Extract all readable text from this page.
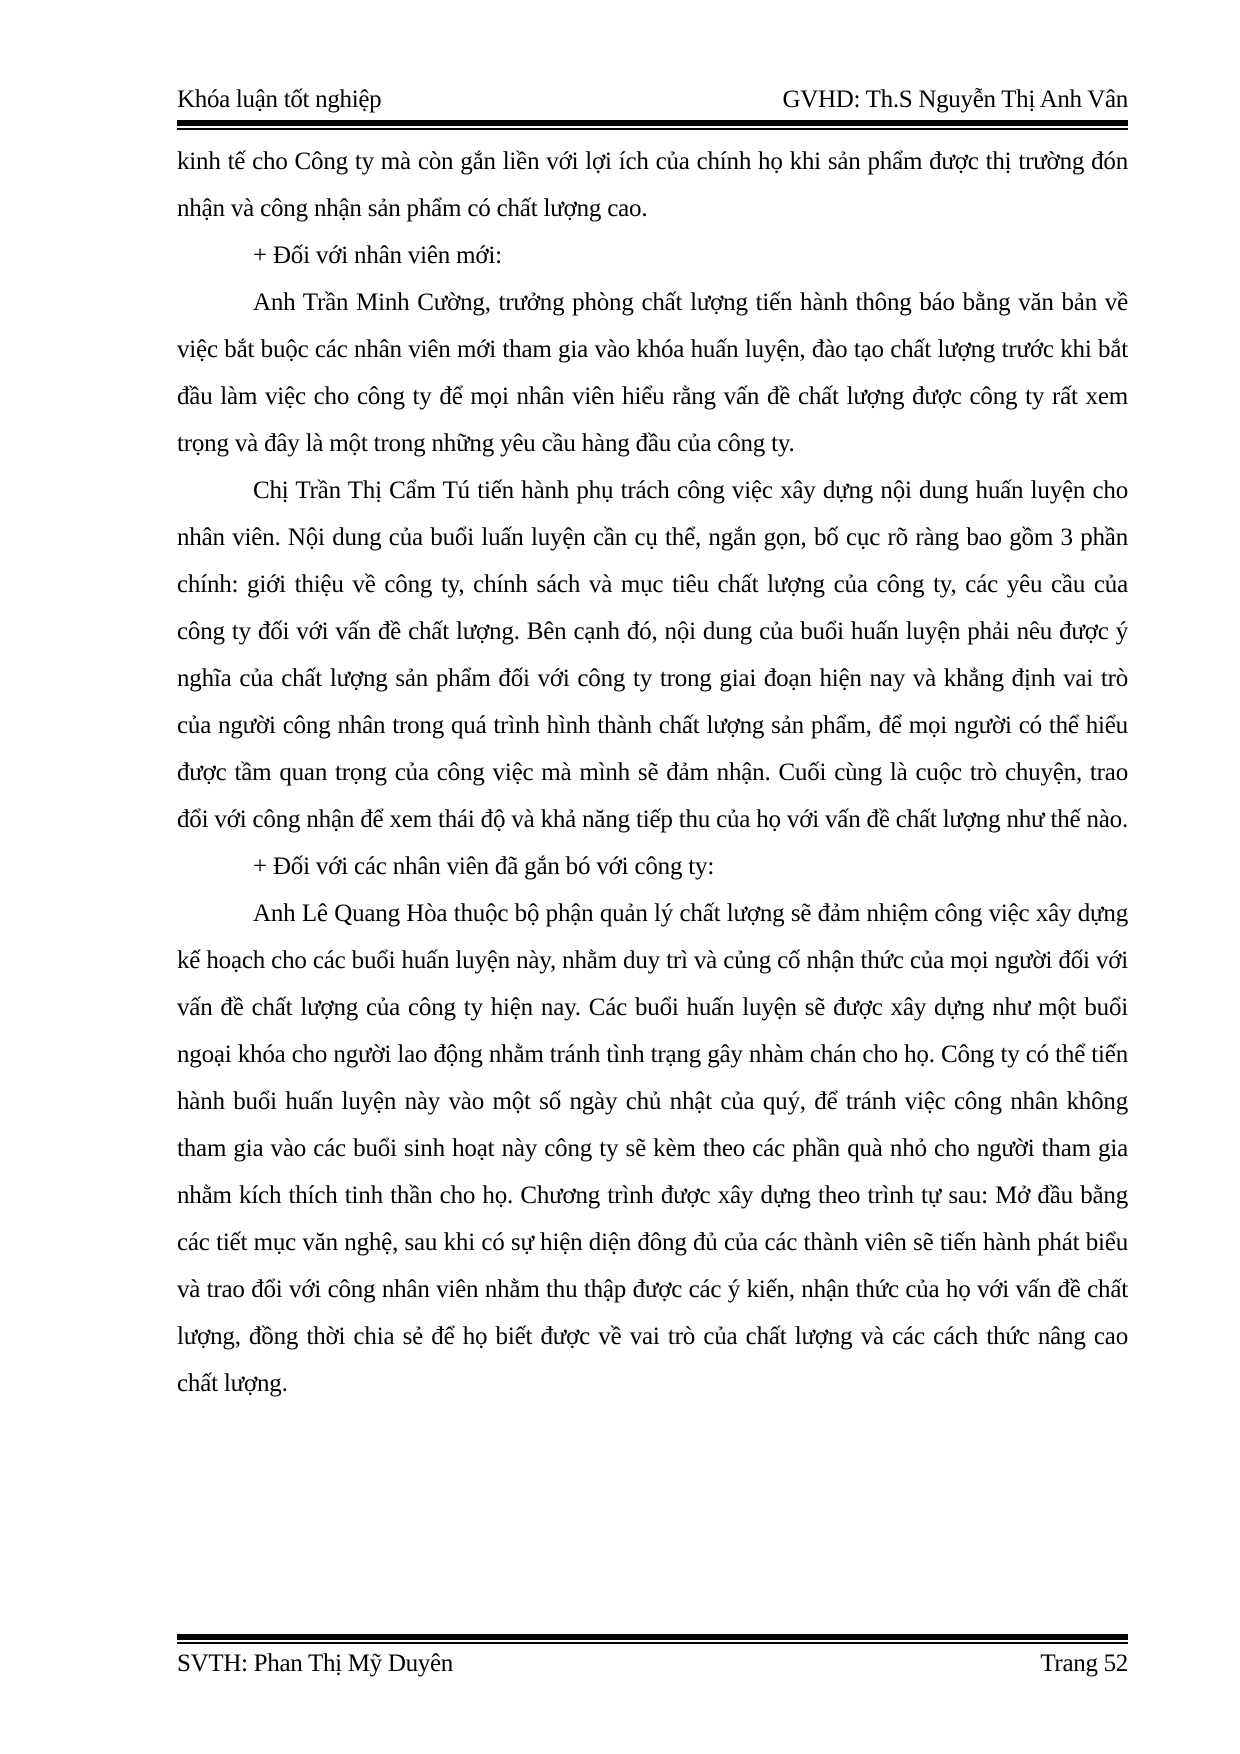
Khóa luận tốt nghiệp	GVHD: Th.S Nguyễn Thị Anh Vân

kinh tế cho Công ty mà còn gắn liền với lợi ích của chính họ khi sản phẩm được thị trường đón nhận và công nhận sản phẩm có chất lượng cao.

+ Đối với nhân viên mới:

Anh Trần Minh Cường, trưởng phòng chất lượng tiến hành thông báo bằng văn bản về việc bắt buộc các nhân viên mới tham gia vào khóa huấn luyện, đào tạo chất lượng trước khi bắt đầu làm việc cho công ty để mọi nhân viên hiểu rằng vấn đề chất lượng được công ty rất xem trọng và đây là một trong những yêu cầu hàng đầu của công ty.

Chị Trần Thị Cẩm Tú tiến hành phụ trách công việc xây dựng nội dung huấn luyện cho nhân viên. Nội dung của buổi luấn luyện cần cụ thể, ngắn gọn, bố cục rõ ràng bao gồm 3 phần chính: giới thiệu về công ty, chính sách và mục tiêu chất lượng của công ty, các yêu cầu của công ty đối với vấn đề chất lượng. Bên cạnh đó, nội dung của buổi huấn luyện phải nêu được ý nghĩa của chất lượng sản phẩm đối với công ty trong giai đoạn hiện nay và khẳng định vai trò của người công nhân trong quá trình hình thành chất lượng sản phẩm, để mọi người có thể hiểu được tầm quan trọng của công việc mà mình sẽ đảm nhận. Cuối cùng là cuộc trò chuyện, trao đổi với công nhận để xem thái độ và khả năng tiếp thu của họ với vấn đề chất lượng như thế nào.

+ Đối với các nhân viên đã gắn bó với công ty:

Anh Lê Quang Hòa thuộc bộ phận quản lý chất lượng sẽ đảm nhiệm công việc xây dựng kế hoạch cho các buổi huấn luyện này, nhằm duy trì và củng cố nhận thức của mọi người đối với vấn đề chất lượng của công ty hiện nay. Các buổi huấn luyện sẽ được xây dựng như một buổi ngoại khóa cho người lao động nhằm tránh tình trạng gây nhàm chán cho họ. Công ty có thể tiến hành buổi huấn luyện này vào một số ngày chủ nhật của quý, để tránh việc công nhân không tham gia vào các buổi sinh hoạt này công ty sẽ kèm theo các phần quà nhỏ cho người tham gia nhằm kích thích tinh thần cho họ. Chương trình được xây dựng theo trình tự sau: Mở đầu bằng các tiết mục văn nghệ, sau khi có sự hiện diện đông đủ của các thành viên sẽ tiến hành phát biểu và trao đổi với công nhân viên nhằm thu thập được các ý kiến, nhận thức của họ với vấn đề chất lượng, đồng thời chia sẻ để họ biết được về vai trò của chất lượng và các cách thức nâng cao chất lượng.

SVTH: Phan Thị Mỹ Duyên	Trang 52
